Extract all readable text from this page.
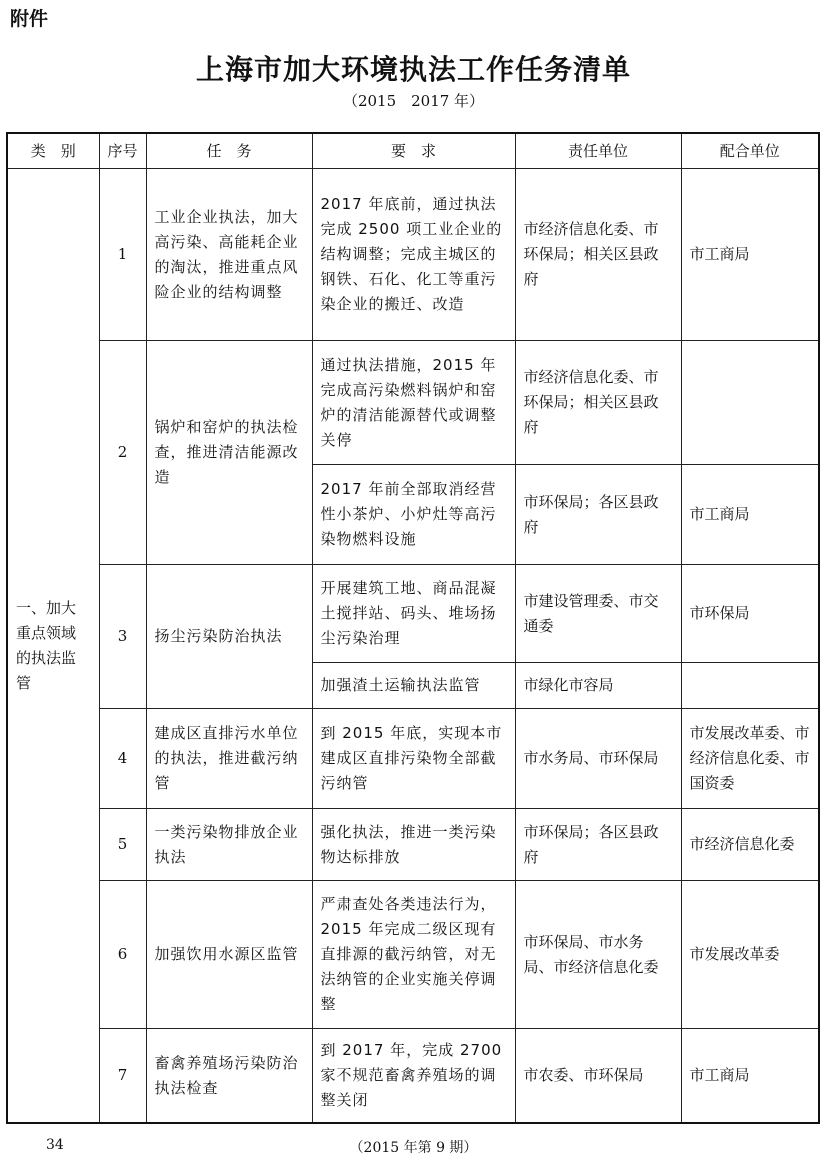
附件
上海市加大环境执法工作任务清单
（2015　2017 年）
类　别	序号	任　务	要　求	责任单位	配合单位
一、加大重点领域的执法监管	1	工业企业执法，加大高污染、高能耗企业的淘汰，推进重点风险企业的结构调整	2017 年底前，通过执法完成 2500 项工业企业的结构调整；完成主城区的钢铁、石化、化工等重污染企业的搬迁、改造	市经济信息化委、市环保局；相关区县政府	市工商局
	2	锅炉和窑炉的执法检查，推进清洁能源改造	通过执法措施，2015 年完成高污染燃料锅炉和窑炉的清洁能源替代或调整关停	市经济信息化委、市环保局；相关区县政府	
			2017 年前全部取消经营性小茶炉、小炉灶等高污染物燃料设施	市环保局；各区县政府	市工商局
	3	扬尘污染防治执法	开展建筑工地、商品混凝土搅拌站、码头、堆场扬尘污染治理	市建设管理委、市交通委	市环保局
			加强渣土运输执法监管	市绿化市容局	
	4	建成区直排污水单位的执法，推进截污纳管	到 2015 年底，实现本市建成区直排污染物全部截污纳管	市水务局、市环保局	市发展改革委、市经济信息化委、市国资委
	5	一类污染物排放企业执法	强化执法，推进一类污染物达标排放	市环保局；各区县政府	市经济信息化委
	6	加强饮用水源区监管	严肃查处各类违法行为，2015 年完成二级区现有直排源的截污纳管，对无法纳管的企业实施关停调整	市环保局、市水务局、市经济信息化委	市发展改革委
	7	畜禽养殖场污染防治执法检查	到 2017 年，完成 2700 家不规范畜禽养殖场的调整关闭	市农委、市环保局	市工商局
34	（2015 年第 9 期）
